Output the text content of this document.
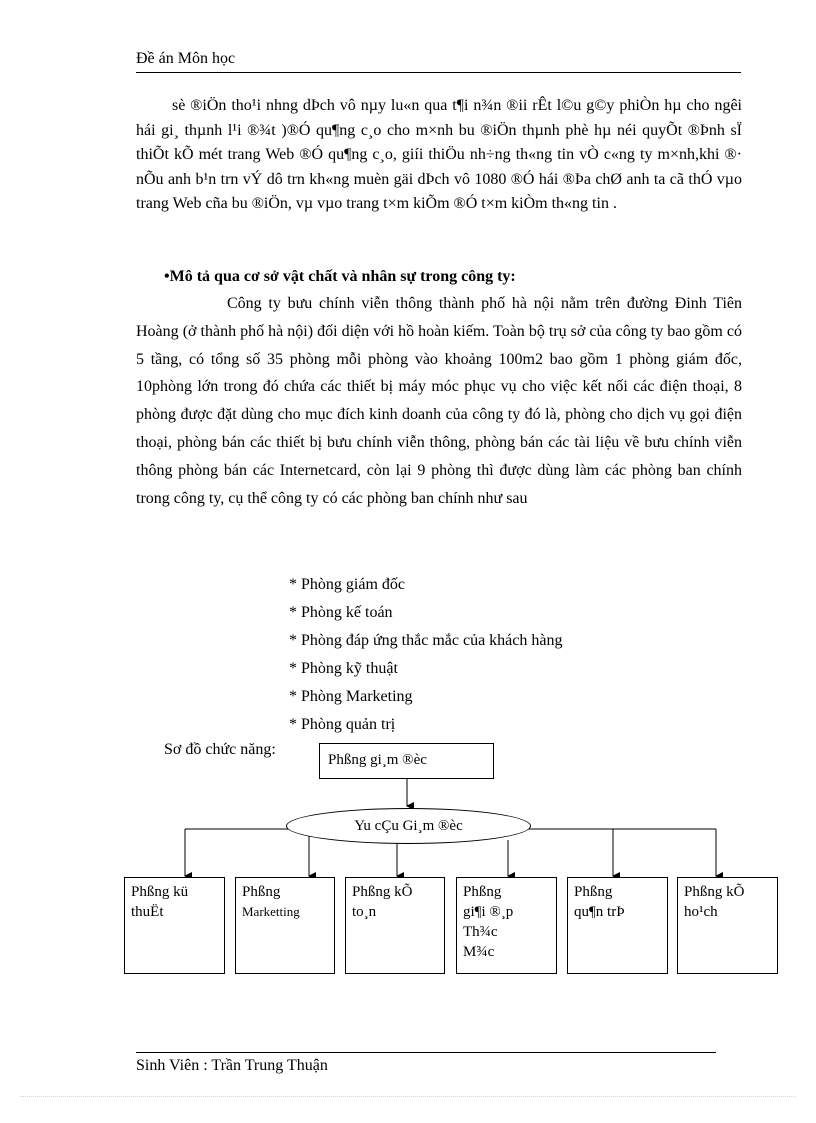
Đề án Môn học

sè ®iÖn tho¹i nhng dÞch vô nµy lu«n qua t¶i n¾n ®ii rÊt l©u g©y phiÒn hµ cho ngêi hái gi¸ thµnh l¹i ®¾t )®Ó qu¶ng c¸o cho m×nh bu ®iÖn thµnh phè hµ néi quyÕt ®Þnh sÏ thiÕt kÕ mét trang Web ®Ó qu¶ng c¸o, giíi thiÖu nh÷ng th«ng tin vÒ c«ng ty m×nh,khi ®· nÕu anh b¹n trn vÝ dô trn kh«ng muèn gäi dÞch vô 1080 ®Ó hái ®Þa chØ anh ta cã thÓ vµo trang Web cña bu ®iÖn, vµ vµo trang t×m kiÕm ®Ó t×m kiÒm th«ng tin .

•Mô tả qua cơ sở vật chất và nhân sự trong công ty:

Công ty bưu chính viễn thông thành phố hà nội nằm trên đường Đinh Tiên Hoàng (ở thành phố hà nội) đối diện với hồ hoàn kiếm. Toàn bộ trụ sở của công ty bao gồm có 5 tầng, có tổng số 35 phòng mỗi phòng vào khoảng 100m2 bao gồm 1 phòng giám đốc, 10phòng lớn trong đó chứa các thiết bị máy móc phục vụ cho việc kết nối các điện thoại, 8 phòng được đặt dùng cho mục đích kinh doanh của công ty đó là, phòng cho dịch vụ gọi điện thoại, phòng bán các thiết bị bưu chính viễn thông, phòng bán các tài liệu về bưu chính viễn thông phòng bán các Internetcard, còn lại 9 phòng thì được dùng làm các phòng ban chính trong công ty, cụ thể công ty có các phòng ban chính như sau

* Phòng giám đốc
* Phòng kế toán
* Phòng đáp ứng thắc mắc của khách hàng
* Phòng kỹ thuật
* Phòng Marketing
* Phòng quản trị
Sơ đồ chức năng:
Phßng gi¸m ®èc
Yu cÇu Gi¸m ®èc
Phßng kü
thuËt
Phßng
Marketting
Phßng kÕ
to¸n
Phßng
gi¶i ®¸p
Th¾c
M¾c
Phßng
qu¶n trÞ
Phßng kÕ
ho¹ch
Sinh Viên : Trần Trung Thuận
